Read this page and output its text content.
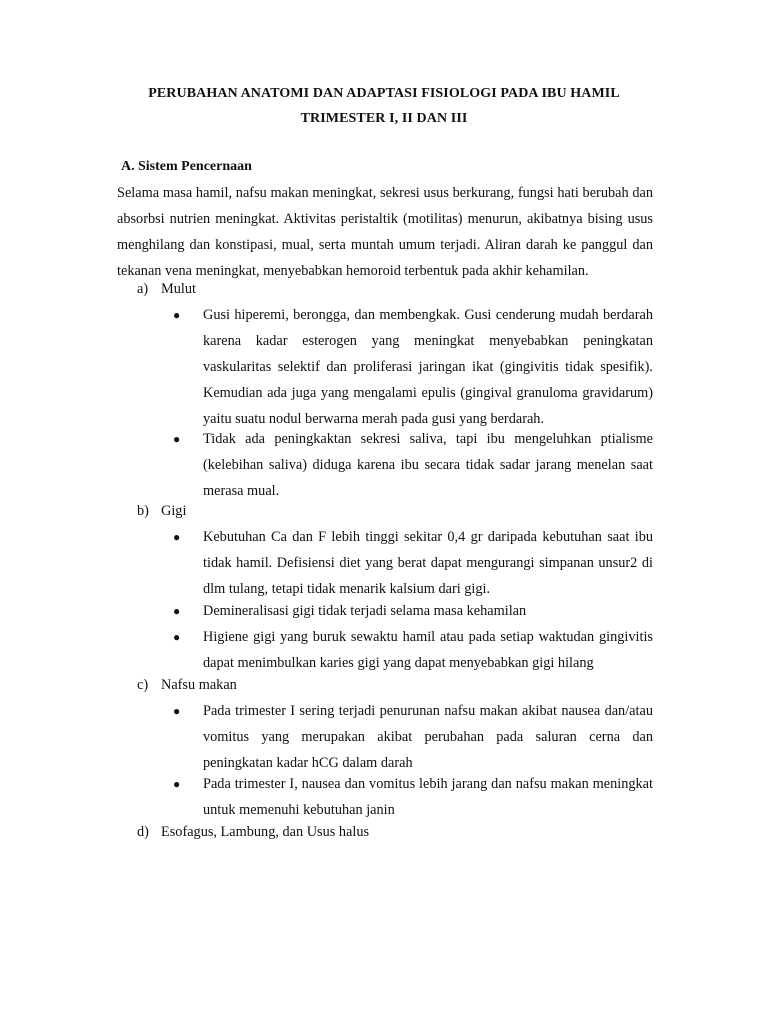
PERUBAHAN ANATOMI DAN ADAPTASI FISIOLOGI PADA IBU HAMIL
TRIMESTER I, II DAN III
A. Sistem Pencernaan

Selama masa hamil, nafsu makan meningkat, sekresi usus berkurang, fungsi hati berubah dan absorbsi nutrien meningkat. Aktivitas peristaltik (motilitas) menurun, akibatnya bising usus menghilang dan konstipasi, mual, serta muntah umum terjadi. Aliran darah ke panggul dan tekanan vena meningkat, menyebabkan hemoroid terbentuk pada akhir kehamilan.

a) Mulut
●	Gusi hiperemi, berongga, dan membengkak. Gusi cenderung mudah berdarah karena kadar esterogen yang meningkat menyebabkan peningkatan vaskularitas selektif dan proliferasi jaringan ikat (gingivitis tidak spesifik). Kemudian ada juga yang mengalami epulis (gingival granuloma gravidarum) yaitu suatu nodul berwarna merah pada gusi yang berdarah.
●	Tidak ada peningkaktan sekresi saliva, tapi ibu mengeluhkan ptialisme (kelebihan saliva) diduga karena ibu secara tidak sadar jarang menelan saat merasa mual.
b) Gigi
●	Kebutuhan Ca dan F lebih tinggi sekitar 0,4 gr daripada kebutuhan saat ibu tidak hamil. Defisiensi diet yang berat dapat mengurangi simpanan unsur2 di dlm tulang, tetapi tidak menarik kalsium dari gigi.
●	Demineralisasi gigi tidak terjadi selama masa kehamilan
●	Higiene gigi yang buruk sewaktu hamil atau pada setiap waktudan gingivitis dapat menimbulkan karies gigi yang dapat menyebabkan gigi hilang
c) Nafsu makan
●	Pada trimester I sering terjadi penurunan nafsu makan akibat nausea dan/atau vomitus yang merupakan akibat perubahan pada saluran cerna dan peningkatan kadar hCG dalam darah
●	Pada trimester I, nausea dan vomitus lebih jarang dan nafsu makan meningkat untuk memenuhi kebutuhan janin
d) Esofagus, Lambung, dan Usus halus
